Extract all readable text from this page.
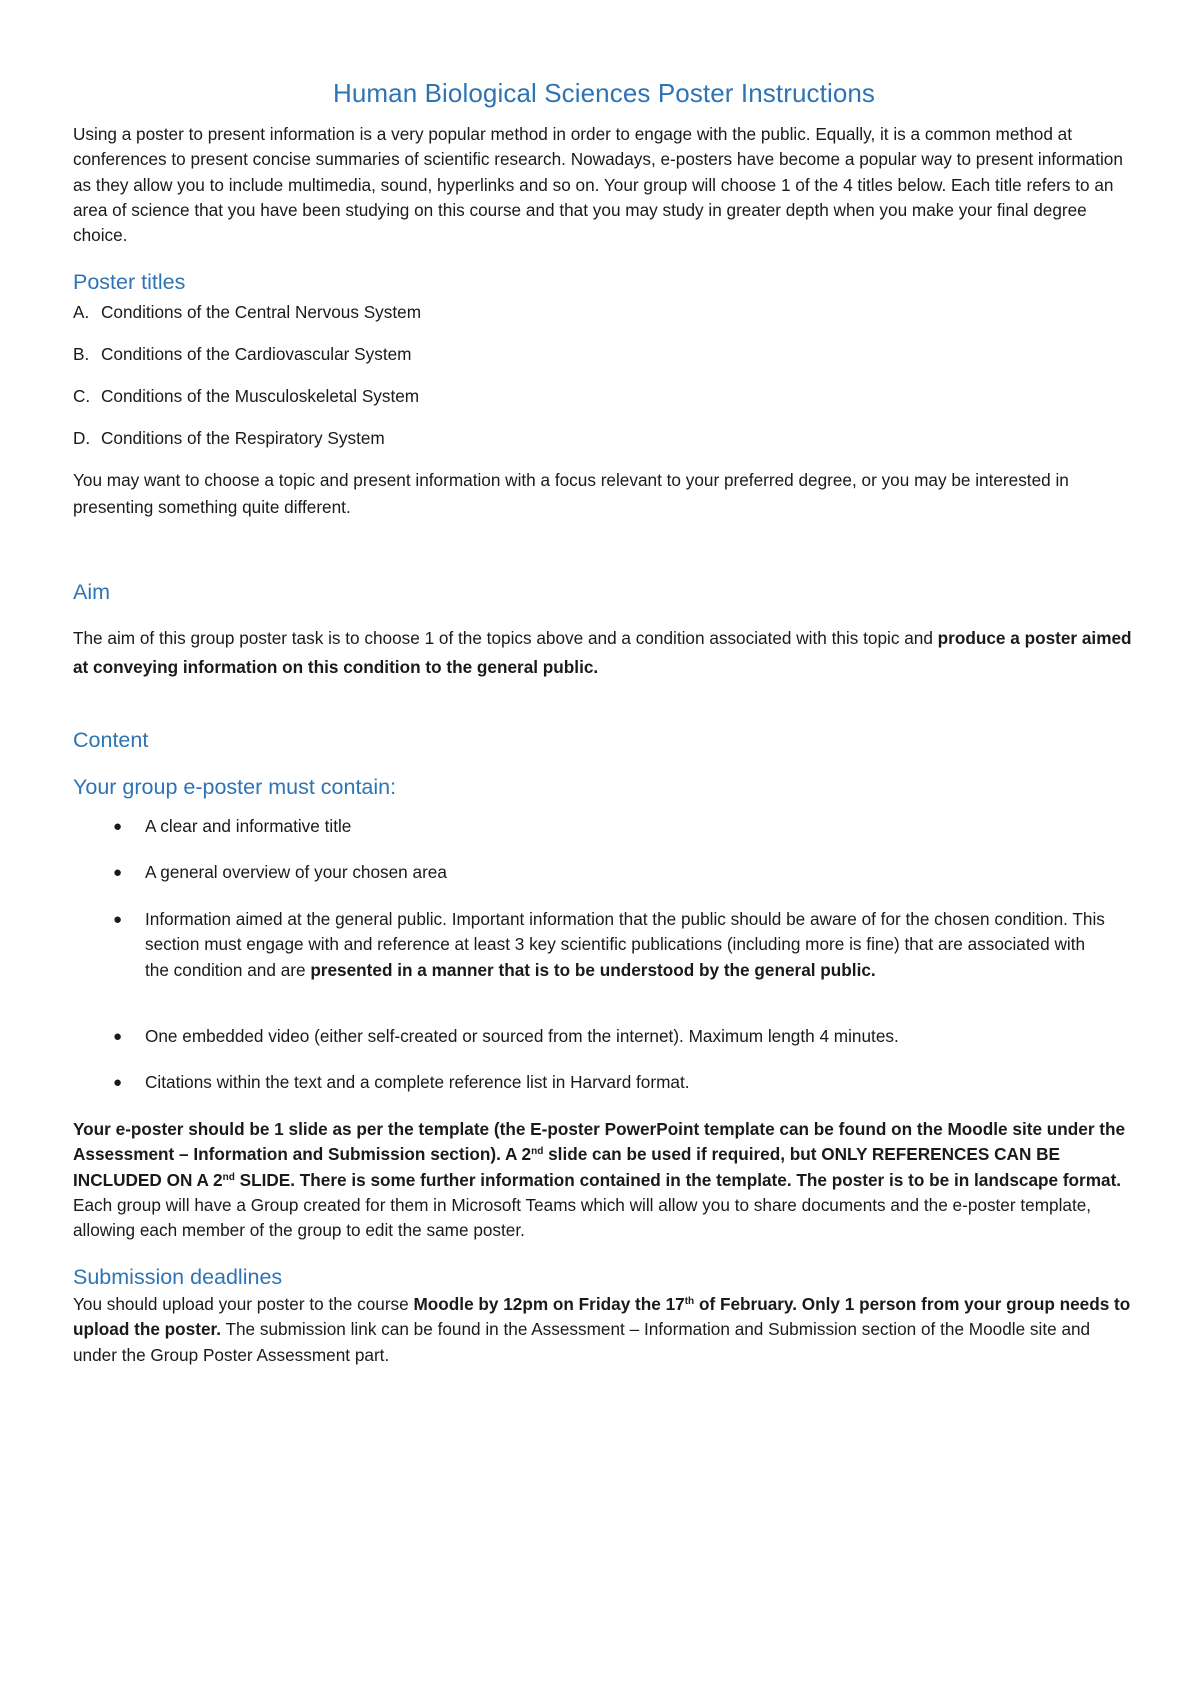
Human Biological Sciences Poster Instructions

Using a poster to present information is a very popular method in order to engage with the public. Equally, it is a common method at conferences to present concise summaries of scientific research. Nowadays, e-posters have become a popular way to present information as they allow you to include multimedia, sound, hyperlinks and so on. Your group will choose 1 of the 4 titles below. Each title refers to an area of science that you have been studying on this course and that you may study in greater depth when you make your final degree choice.

Poster titles
A. Conditions of the Central Nervous System
B. Conditions of the Cardiovascular System
C. Conditions of the Musculoskeletal System
D. Conditions of the Respiratory System

You may want to choose a topic and present information with a focus relevant to your preferred degree, or you may be interested in presenting something quite different.

Aim

The aim of this group poster task is to choose 1 of the topics above and a condition associated with this topic and produce a poster aimed at conveying information on this condition to the general public.

Content
Your group e-poster must contain:
● A clear and informative title
● A general overview of your chosen area
● Information aimed at the general public. Important information that the public should be aware of for the chosen condition. This section must engage with and reference at least 3 key scientific publications (including more is fine) that are associated with the condition and are presented in a manner that is to be understood by the general public.
● One embedded video (either self-created or sourced from the internet). Maximum length 4 minutes.
● Citations within the text and a complete reference list in Harvard format.

Your e-poster should be 1 slide as per the template (the E-poster PowerPoint template can be found on the Moodle site under the Assessment – Information and Submission section). A 2nd slide can be used if required, but ONLY REFERENCES CAN BE INCLUDED ON A 2nd SLIDE. There is some further information contained in the template. The poster is to be in landscape format. Each group will have a Group created for them in Microsoft Teams which will allow you to share documents and the e-poster template, allowing each member of the group to edit the same poster.

Submission deadlines

You should upload your poster to the course Moodle by 12pm on Friday the 17th of February. Only 1 person from your group needs to upload the poster. The submission link can be found in the Assessment – Information and Submission section of the Moodle site and under the Group Poster Assessment part.
